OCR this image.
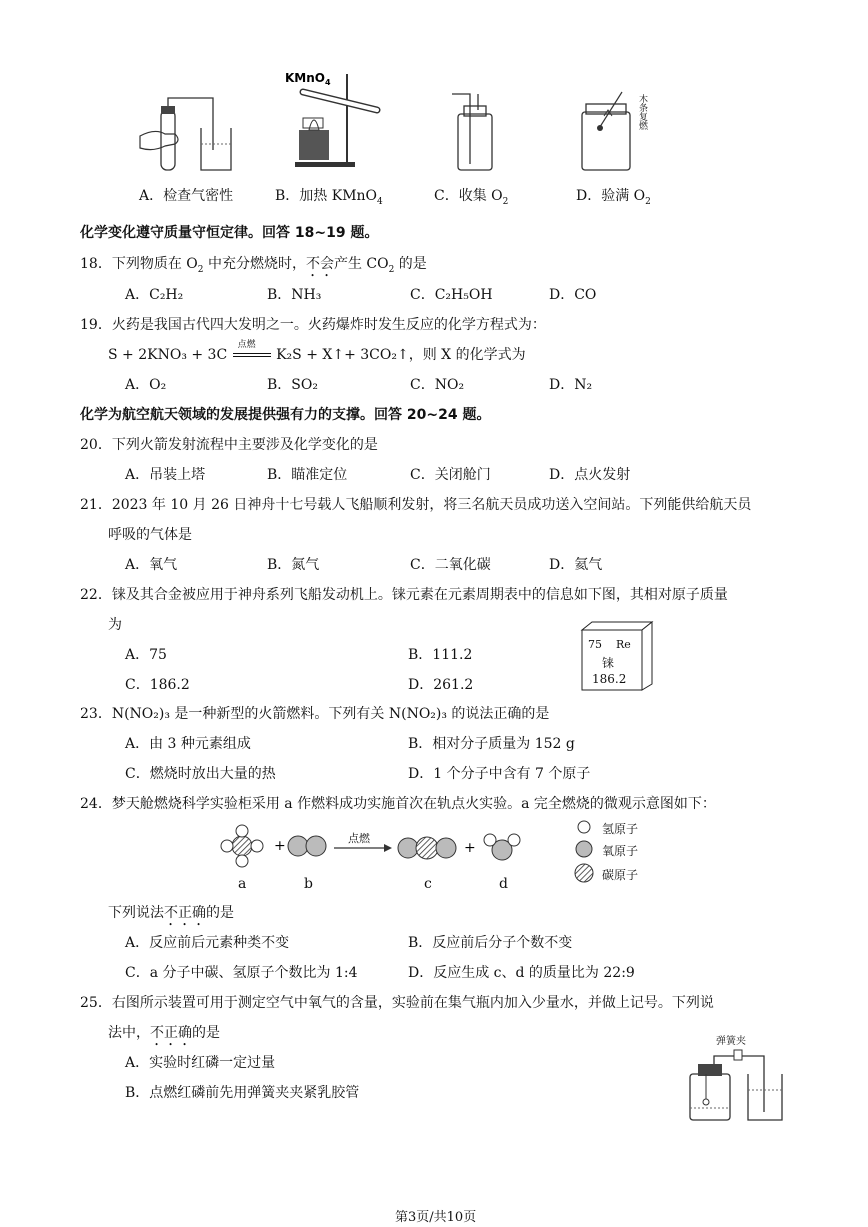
KMnO$_4$
木条复燃
A．检查气密性	B．加热 KMnO$_4$	C．收集 $O_2$	D．验满 $O_2$
化学变化遵守质量守恒定律。回答 18~19 题。
18．下列物质在 $O_2$ 中充分燃烧时，不会产生 $CO_2$ 的是
A．C₂H₂	B．NH₃	C．C₂H₅OH	D．CO
19．火药是我国古代四大发明之一。火药爆炸时发生反应的化学方程式为：
S + 2KNO₃ + 3C
点燃
K₂S + X↑+ 3CO₂↑，则 X 的化学式为
A．O₂	B．SO₂	C．NO₂	D．N₂
化学为航空航天领域的发展提供强有力的支撑。回答 20~24 题。
20．下列火箭发射流程中主要涉及化学变化的是
A．吊装上塔	B．瞄准定位	C．关闭舱门	D．点火发射
21．2023 年 10 月 26 日神舟十七号载人飞船顺利发射，将三名航天员成功送入空间站。下列能供给航天员
呼吸的气体是
A．氧气	B．氮气	C．二氧化碳	D．氦气
22．铼及其合金被应用于神舟系列飞船发动机上。铼元素在元素周期表中的信息如下图，其相对原子质量
为
A．75	B．111.2
C．186.2	D．261.2
75 Re
铼
186.2
23．N(NO₂)₃ 是一种新型的火箭燃料。下列有关 N(NO₂)₃ 的说法正确的是
A．由 3 种元素组成	B．相对分子质量为 152 g
C．燃烧时放出大量的热	D．1 个分子中含有 7 个原子
24．梦天舱燃烧科学实验柜采用 a 作燃料成功实施首次在轨点火实验。a 完全燃烧的微观示意图如下：
+	+
点燃
a	b	c	d
氢原子
氧原子
碳原子
下列说法不正确的是
A．反应前后元素种类不变	B．反应前后分子个数不变
C．a 分子中碳、氢原子个数比为 1:4	D．反应生成 c、d 的质量比为 22:9
25．右图所示装置可用于测定空气中氧气的含量，实验前在集气瓶内加入少量水，并做上记号。下列说
法中，不正确的是
A．实验时红磷一定过量
B．点燃红磷前先用弹簧夹夹紧乳胶管
弹簧夹
第3页/共10页
